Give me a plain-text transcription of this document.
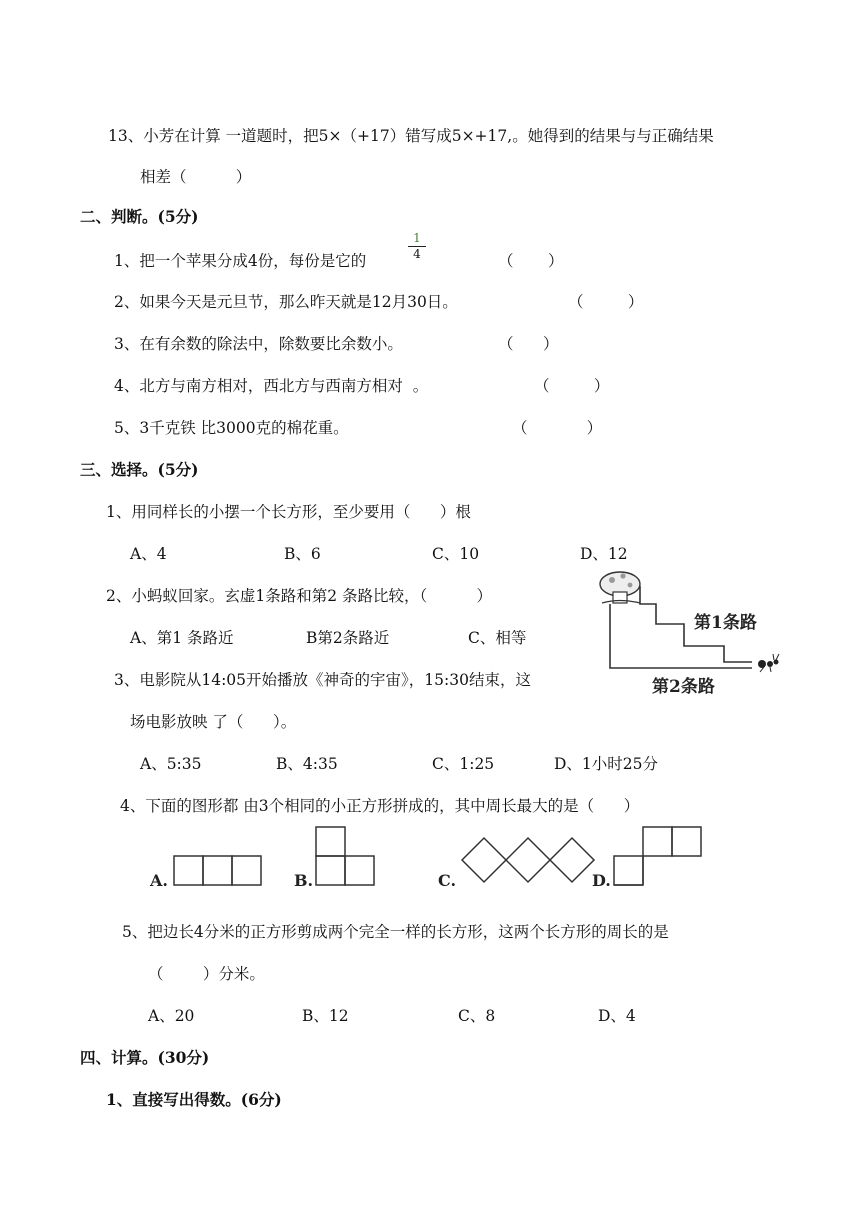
13、小芳在计算 一道题时，把5×（+17）错写成5×+17,。她得到的结果与与正确结果
相差（          ）
二、判断。(5分)
1、把一个苹果分成4份，每份是它的
1
4	（       ）
2、如果今天是元旦节，那么昨天就是12月30日。	（         ）
3、在有余数的除法中，除数要比余数小。	（      ）
4、北方与南方相对，西北方与西南方相对  。	（         ）
5、3千克铁 比3000克的棉花重。	（            ）
三、选择。(5分)
1、用同样长的小摆一个长方形，至少要用（      ）根
A、4	B、6	C、10	D、12
2、小蚂蚁回家。玄虚1条路和第2 条路比较，（          ）
A、第1 条路近	B第2条路近	C、相等
第1条路
第2条路
3、电影院从14:05开始播放《神奇的宇宙》，15:30结束，这
场电影放映 了（      ）。
A、5:35	B、4:35	C、1:25	D、1小时25分
4、下面的图形都 由3个相同的小正方形拼成的，其中周长最大的是（      ）
A.	B.	C.	D.
5、把边长4分米的正方形剪成两个完全一样的长方形，这两个长方形的周长的是
（        ）分米。
A、20	B、12	C、8	D、4
四、计算。(30分)
1、直接写出得数。(6分)
